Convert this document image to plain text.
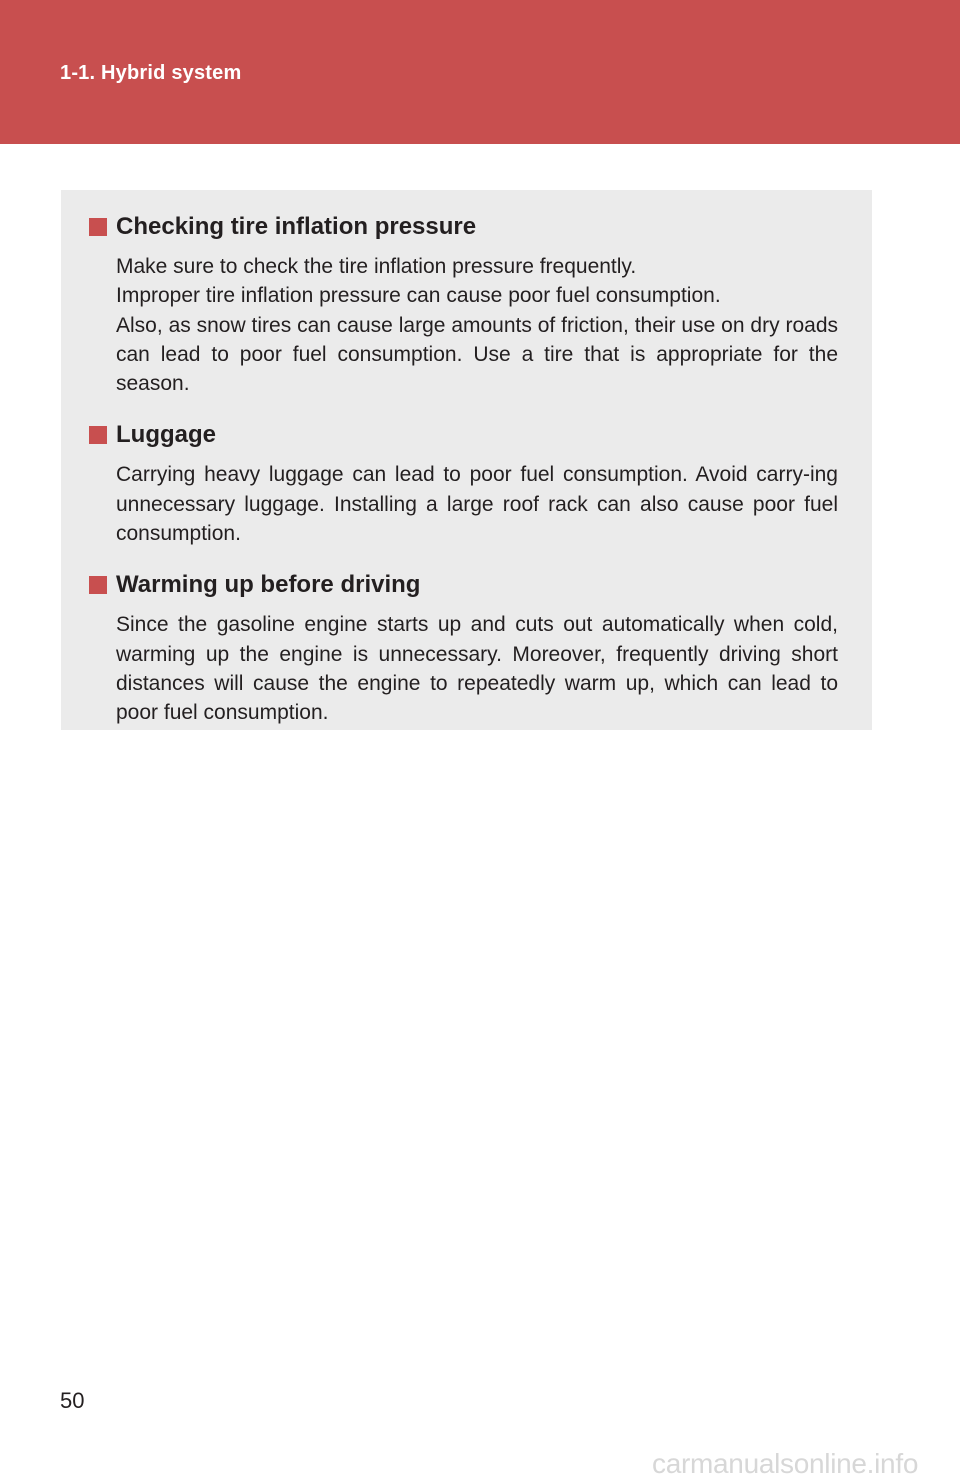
1-1. Hybrid system
Checking tire inflation pressure

Make sure to check the tire inflation pressure frequently.

Improper tire inflation pressure can cause poor fuel consumption.

Also, as snow tires can cause large amounts of friction, their use on dry roads can lead to poor fuel consumption. Use a tire that is appropriate for the season.

Luggage

Carrying heavy luggage can lead to poor fuel consumption. Avoid carry-ing unnecessary luggage. Installing a large roof rack can also cause poor fuel consumption.

Warming up before driving

Since the gasoline engine starts up and cuts out automatically when cold, warming up the engine is unnecessary. Moreover, frequently driving short distances will cause the engine to repeatedly warm up, which can lead to poor fuel consumption.

50
carmanualsonline.info
